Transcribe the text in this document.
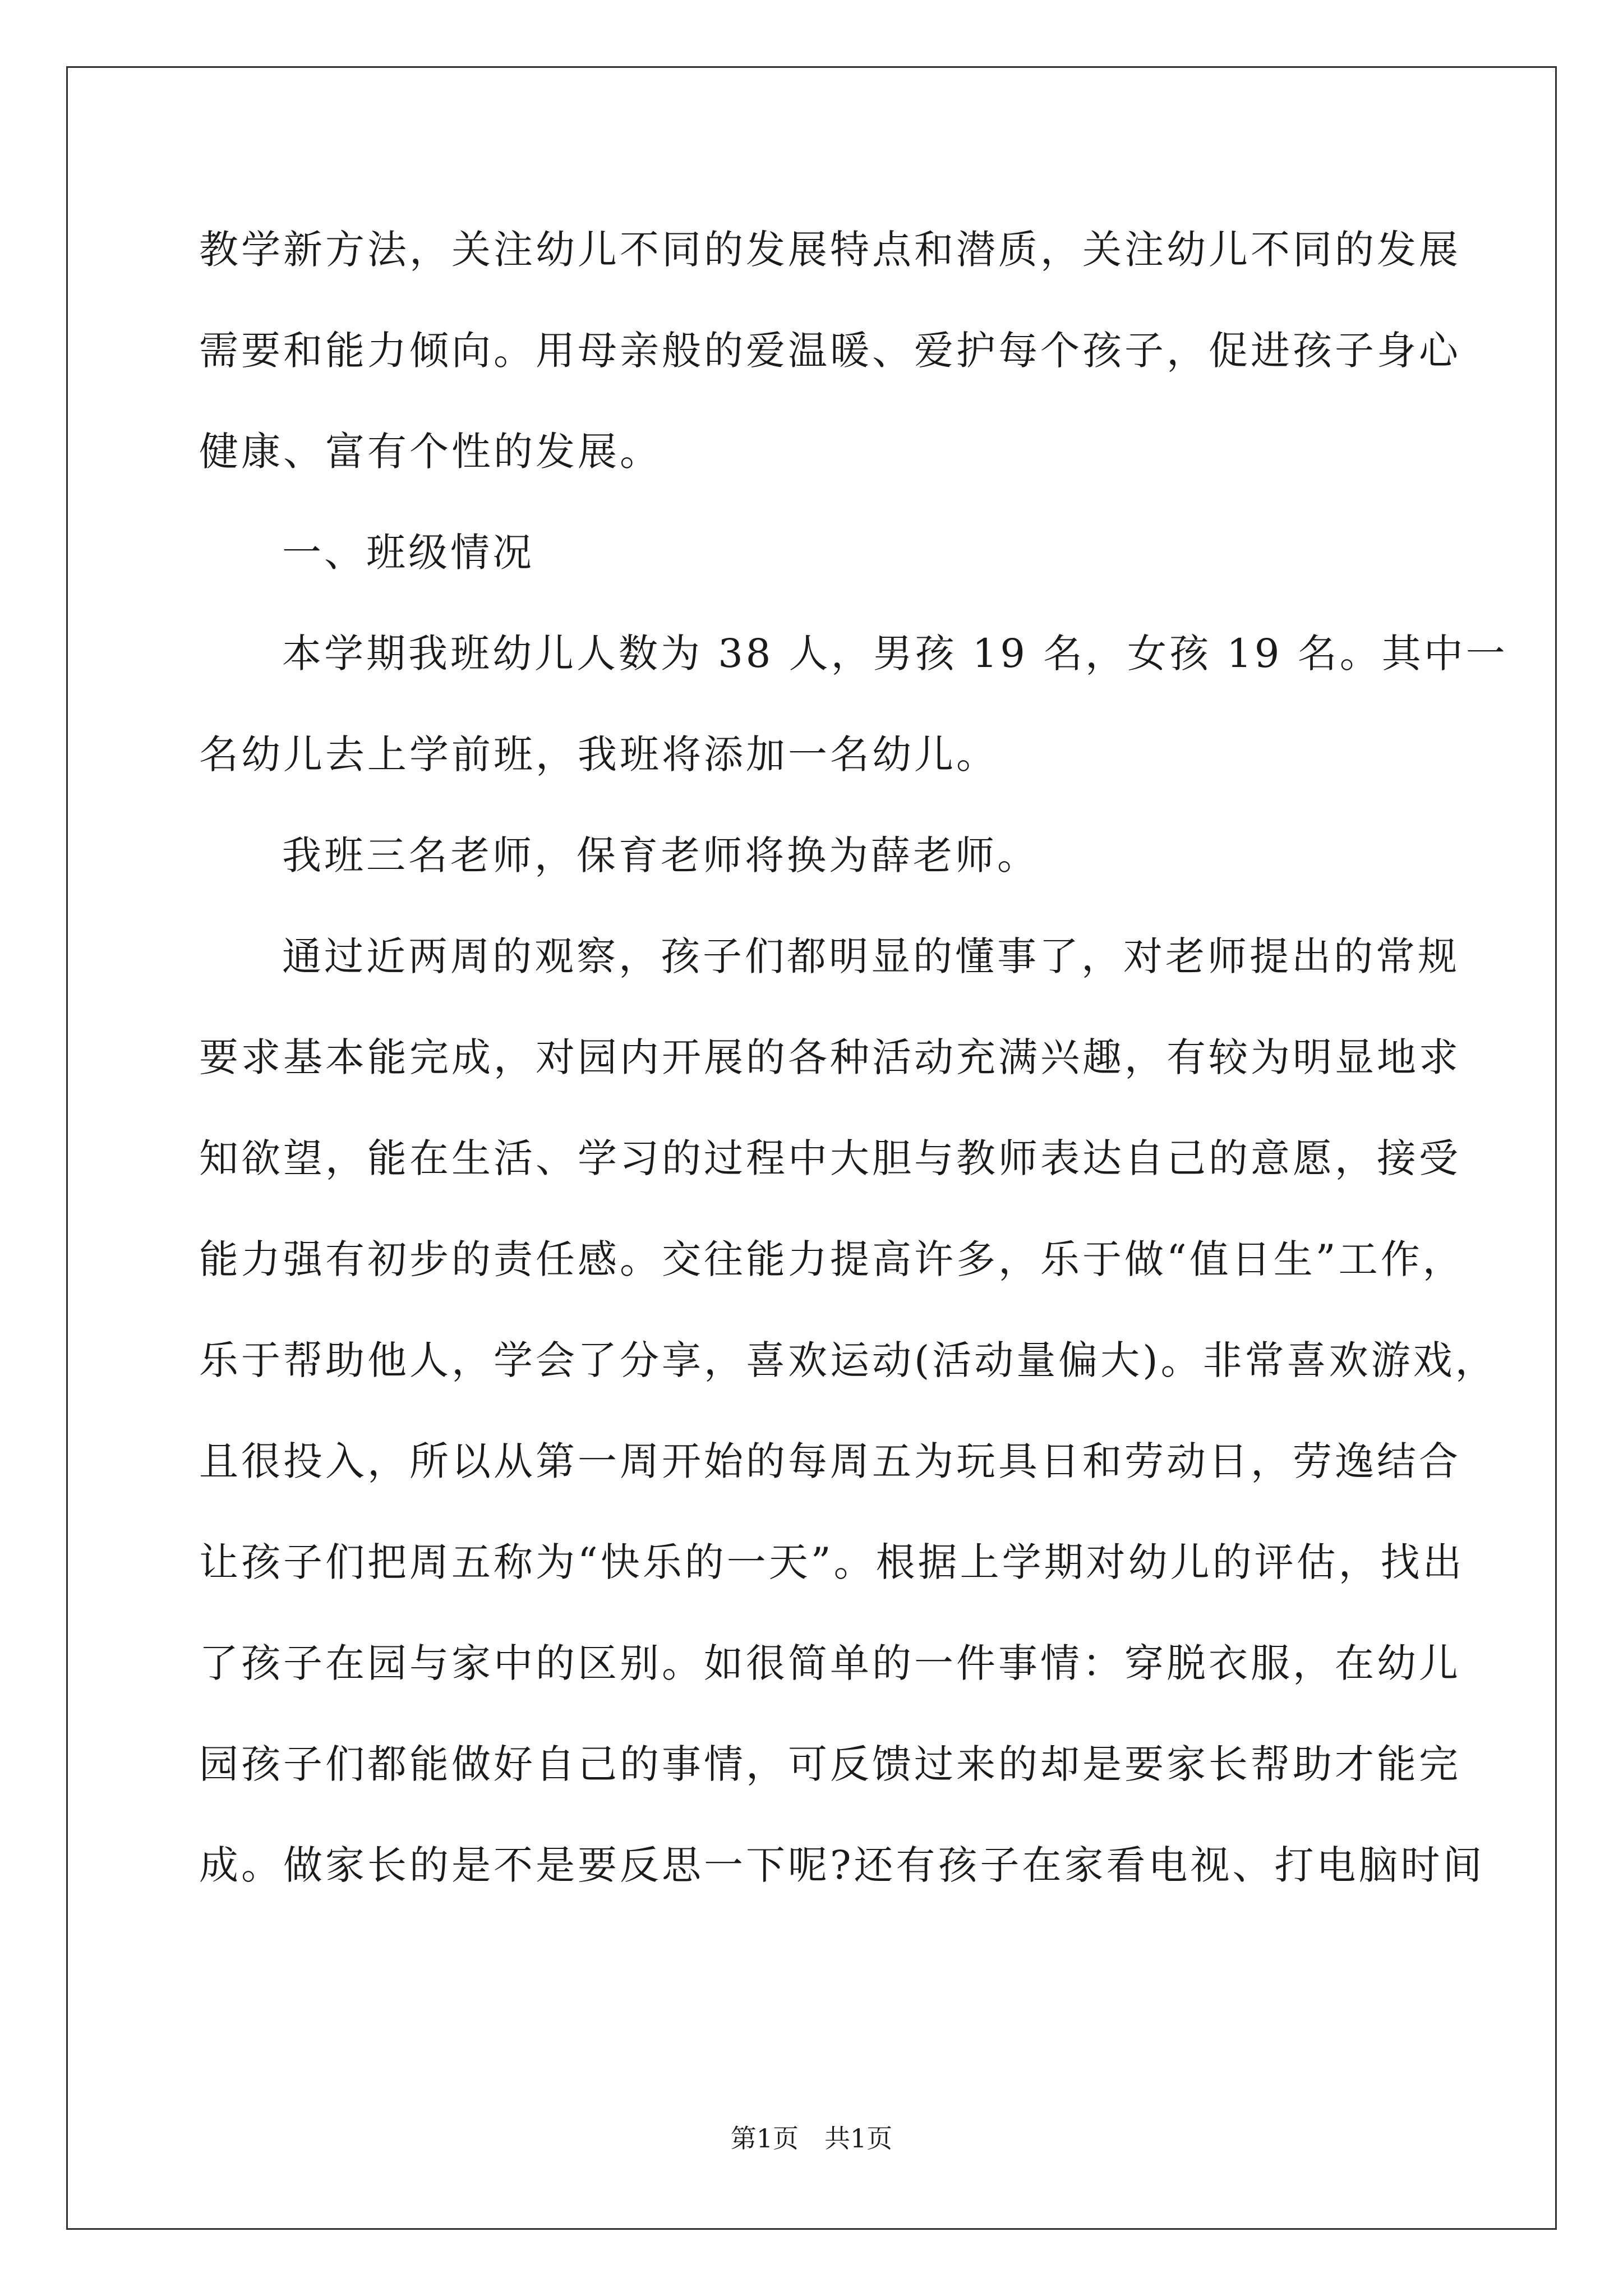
教学新方法，关注幼儿不同的发展特点和潜质，关注幼儿不同的发展
需要和能力倾向。用母亲般的爱温暖、爱护每个孩子，促进孩子身心
健康、富有个性的发展。
一、班级情况
本学期我班幼儿人数为 38 人，男孩 19 名，女孩 19 名。其中一
名幼儿去上学前班，我班将添加一名幼儿。
我班三名老师，保育老师将换为薛老师。
通过近两周的观察，孩子们都明显的懂事了，对老师提出的常规
要求基本能完成，对园内开展的各种活动充满兴趣，有较为明显地求
知欲望，能在生活、学习的过程中大胆与教师表达自己的意愿，接受
能力强有初步的责任感。交往能力提高许多，乐于做“值日生”工作，
乐于帮助他人，学会了分享，喜欢运动(活动量偏大)。非常喜欢游戏，
且很投入，所以从第一周开始的每周五为玩具日和劳动日，劳逸结合
让孩子们把周五称为“快乐的一天”。根据上学期对幼儿的评估，找出
了孩子在园与家中的区别。如很简单的一件事情：穿脱衣服，在幼儿
园孩子们都能做好自己的事情，可反馈过来的却是要家长帮助才能完
成。做家长的是不是要反思一下呢?还有孩子在家看电视、打电脑时间
第1页　共1页
